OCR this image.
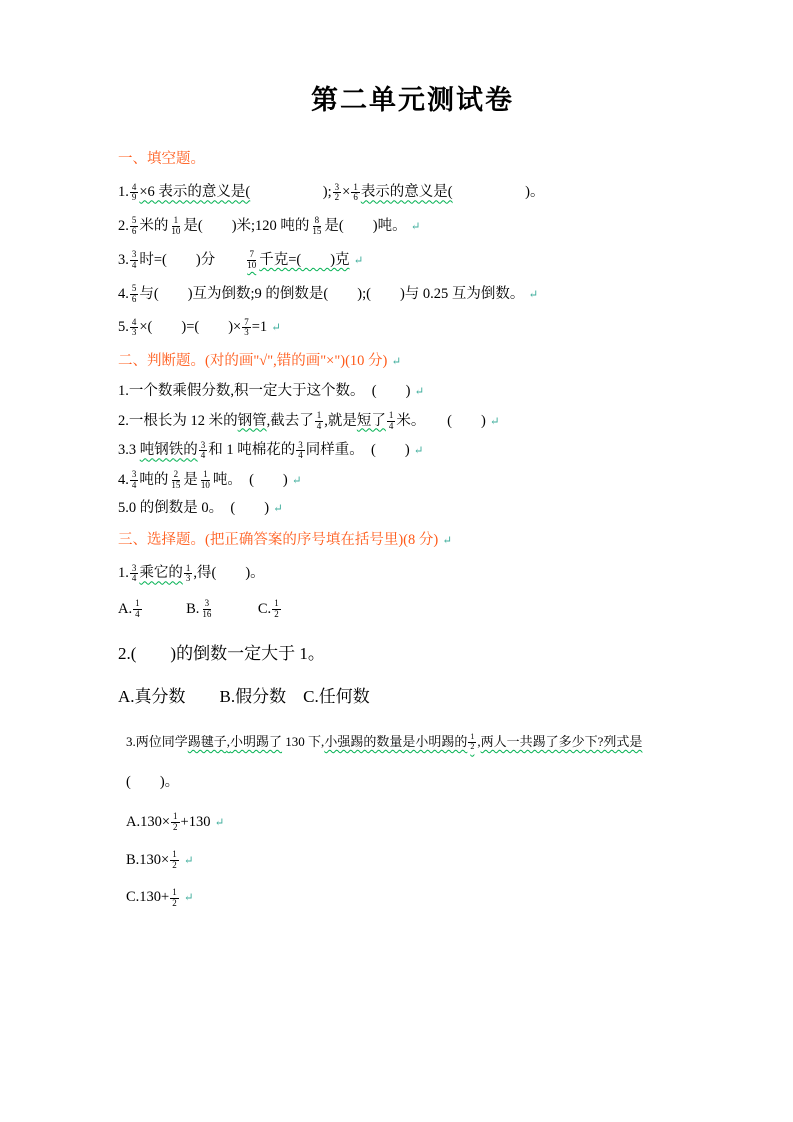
第二单元测试卷
一、填空题。
1. $\frac{4}{9} \times 6$ 表示的意义是(　　　　　	); $\frac{3}{2} \times \frac{1}{6}$ 表示的意义是(　　　　　	)。
2. $\frac{5}{6}$ 米的 $\frac{1}{10}$ 是(　　)米;120 吨的 $\frac{8}{15}$ 是(　　)吨。 ↵
3. $\frac{3}{4}$ 时=(　　)分　　 $\frac{7}{10}$ 千克=(　　)克 ↵
4. $\frac{5}{6}$ 与(　　)互为倒数;9 的倒数是(　　);(　　)与 0.25 互为倒数。 ↵
5. $\frac{4}{3}$ ×(　　)=(　　)× $\frac{7}{3} =1$ ↵
二、判断题。(对的画"√",错的画"×")(10 分) ↵
1.一个数乘假分数,积一定大于这个数。　(　　) ↵
2.一根长为 12 米的钢管,截去了 $\frac{1}{4}$ ,就是短了 $\frac{1}{4}$ 米。　　(　　) ↵
3.3 吨钢铁的 $\frac{3}{4}$ 和 1 吨棉花的 $\frac{3}{4}$ 同样重。　(　　) ↵
4. $\frac{3}{4}$ 吨的 $\frac{2}{15}$ 是 $\frac{1}{10}$ 吨。　(　　) ↵
5.0 的倒数是 0。　(　　) ↵
三、选择题。(把正确答案的序号填在括号里)(8 分) ↵
1. $\frac{3}{4}$ 乘它的 $\frac{1}{3}$ ,得(　　)。
A. $\frac{1}{4}$ 　　　B. $\frac{3}{16}$ 　　　C. $\frac{1}{2}$
2.(　　)的倒数一定大于 1。
A.真分数　　B.假分数　C.任何数
3.两位同学踢毽子,小明踢了 130 下,小强踢的数量是小明踢的 $\frac{1}{2}$ ,两人一共踢了多少下?列式是
(　　)。
$A.130\times \frac{1}{2} +130$ ↵
$B.130\times \frac{1}{2}$ ↵
$C.130+ \frac{1}{2}$ ↵
